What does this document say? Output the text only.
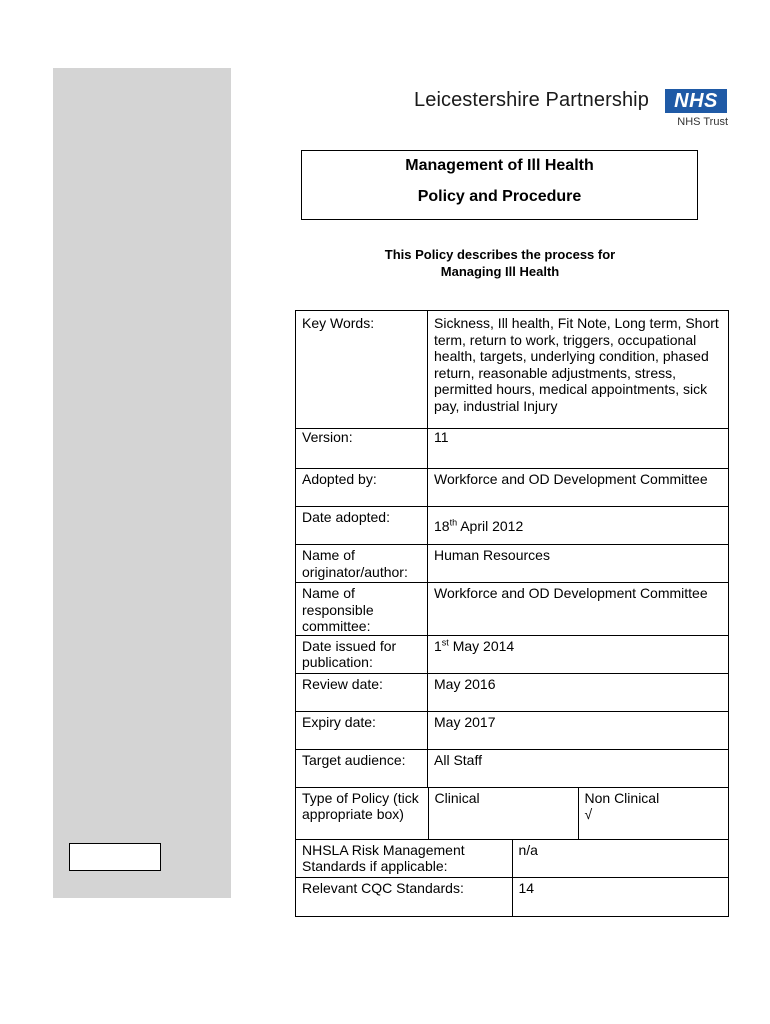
Leicestershire Partnership	NHS
NHS Trust
Management of Ill Health
Policy and Procedure
This Policy describes the process for
Managing Ill Health
Key Words:	Sickness, Ill health, Fit Note, Long term, Short term, return to work, triggers, occupational health, targets, underlying condition, phased return, reasonable adjustments, stress, permitted hours, medical appointments, sick pay, industrial Injury
Version:	11
Adopted by:	Workforce and OD Development Committee
Date adopted:	18th April 2012
Name of originator/author:	Human Resources
Name of responsible committee:	Workforce and OD Development Committee
Date issued for publication:	1st May 2014
Review date:	May 2016
Expiry date:	May 2017
Target audience:	All Staff

Type of Policy (tick appropriate box)	Clinical	Non Clinical
√

NHSLA Risk Management Standards if applicable:	n/a
Relevant CQC Standards:	14
